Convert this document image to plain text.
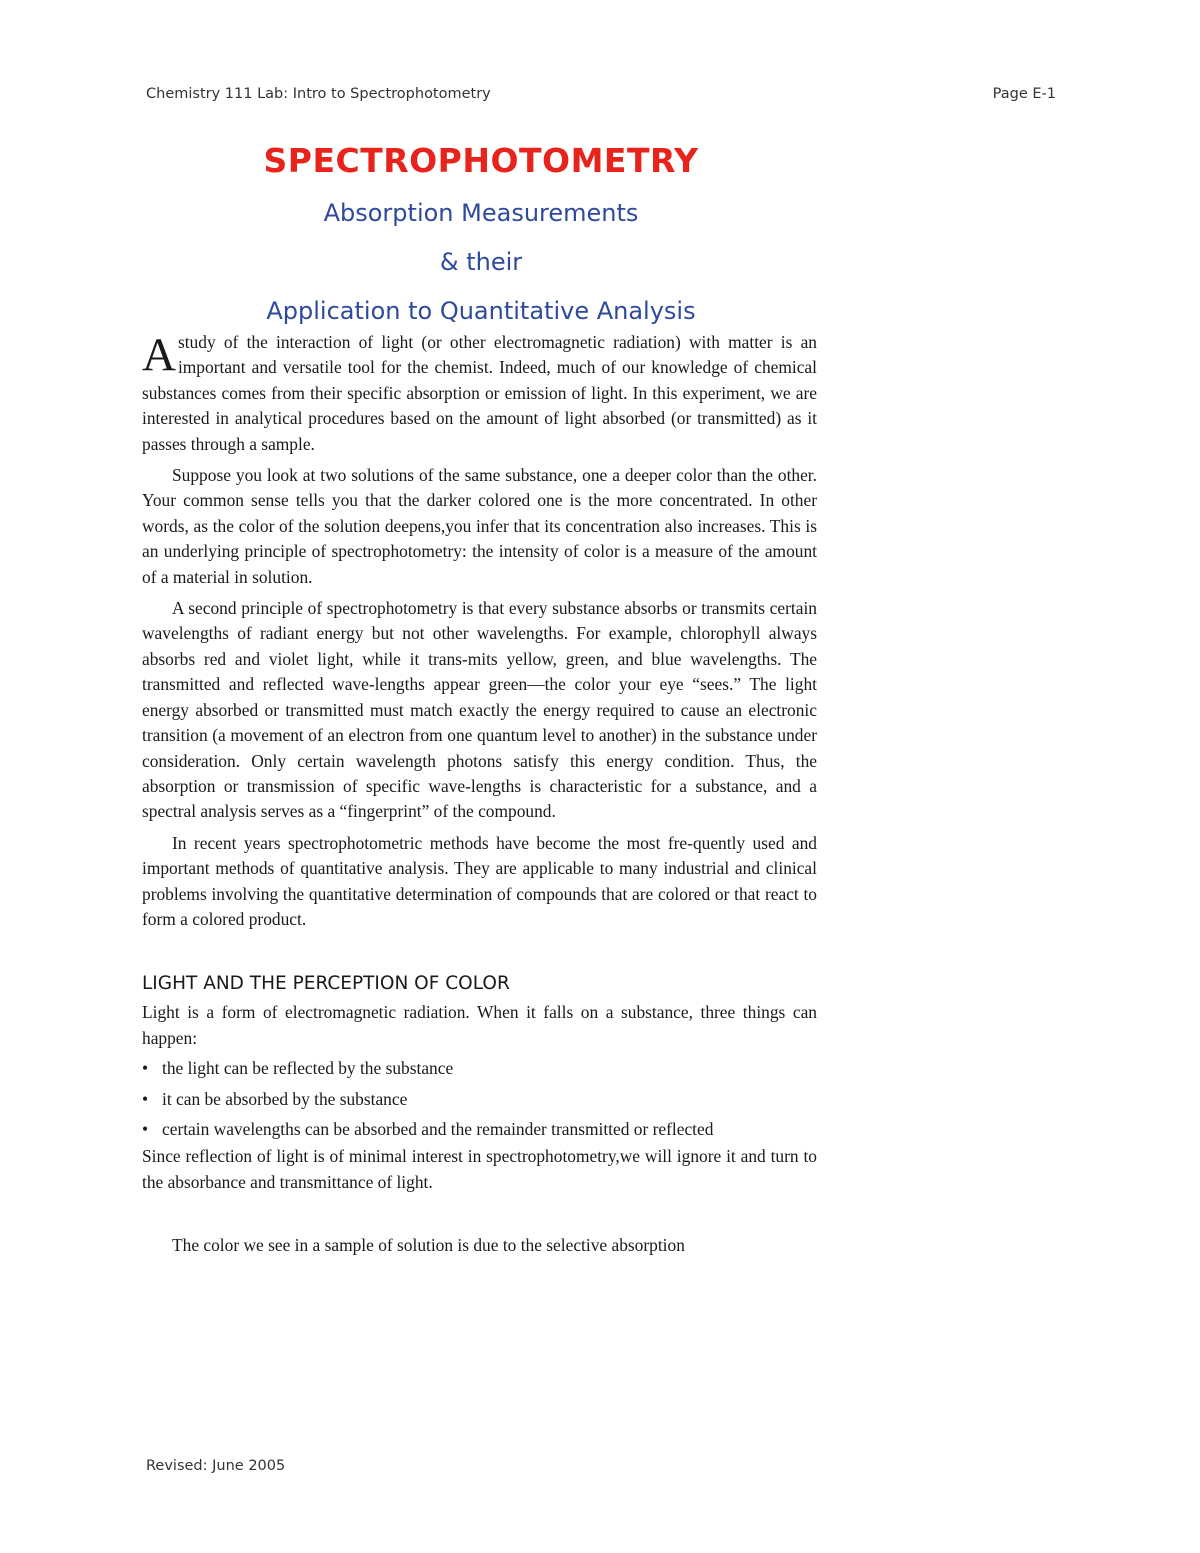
Chemistry 111 Lab: Intro to Spectrophotometry	Page E-1
SPECTROPHOTOMETRY
Absorption Measurements
& their
Application to Quantitative Analysis

Astudy of the interaction of light (or other electromagnetic radiation) with matter is an important and versatile tool for the chemist. Indeed, much of our knowledge of chemical substances comes from their specific absorption or emission of light. In this experiment, we are interested in analytical procedures based on the amount of light absorbed (or transmitted) as it passes through a sample.

Suppose you look at two solutions of the same substance, one a deeper color than the other. Your common sense tells you that the darker colored one is the more concentrated. In other words, as the color of the solution deepens,you infer that its concentration also increases. This is an underlying principle of spectrophotometry: the intensity of color is a measure of the amount of a material in solution.

A second principle of spectrophotometry is that every substance absorbs or transmits certain wavelengths of radiant energy but not other wavelengths. For example, chlorophyll always absorbs red and violet light, while it trans-mits yellow, green, and blue wavelengths. The transmitted and reflected wave-lengths appear green—the color your eye “sees.” The light energy absorbed or transmitted must match exactly the energy required to cause an electronic transition (a movement of an electron from one quantum level to another) in the substance under consideration. Only certain wavelength photons satisfy this energy condition. Thus, the absorption or transmission of specific wave-lengths is characteristic for a substance, and a spectral analysis serves as a “fingerprint” of the compound.

In recent years spectrophotometric methods have become the most fre-quently used and important methods of quantitative analysis. They are applicable to many industrial and clinical problems involving the quantitative determination of compounds that are colored or that react to form a colored product.

LIGHT AND THE PERCEPTION OF COLOR

Light is a form of electromagnetic radiation. When it falls on a substance, three things can happen:

• the light can be reflected by the substance
• it can be absorbed by the substance
• certain wavelengths can be absorbed and the remainder transmitted or reflected

Since reflection of light is of minimal interest in spectrophotometry,we will ignore it and turn to the absorbance and transmittance of light.

The color we see in a sample of solution is due to the selective absorption

Revised: June 2005
